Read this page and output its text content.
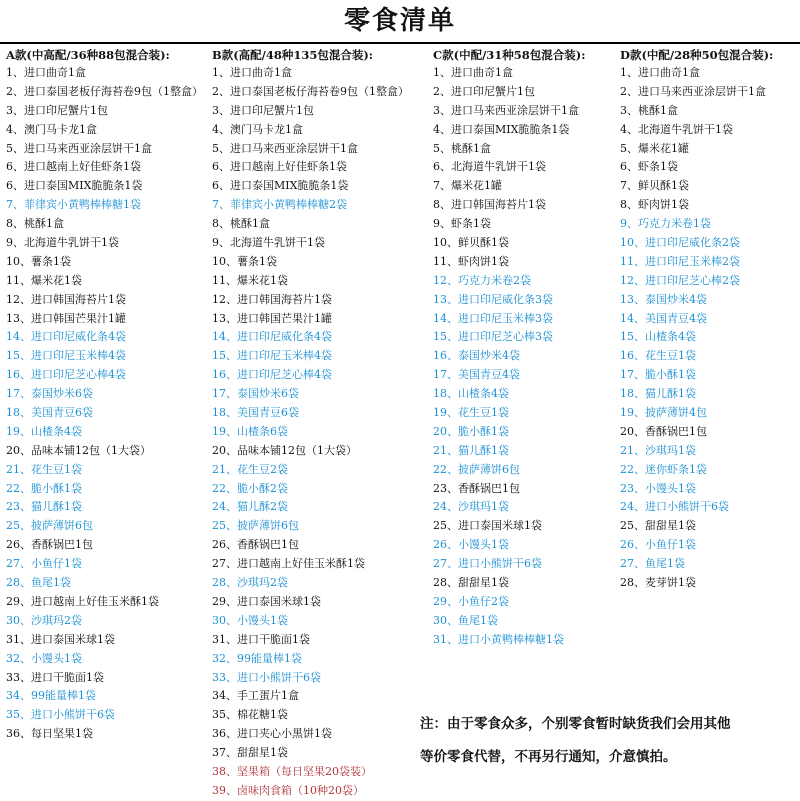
零食清单
A款(中高配/36种88包混合装):
1、进口曲奇1盒
2、进口泰国老板仔海苔卷9包（1整盒）
3、进口印尼蟹片1包
4、澳门马卡龙1盒
5、进口马来西亚涂层饼干1盒
6、进口越南上好佳虾条1袋
6、进口泰国MIX脆脆条1袋
7、菲律宾小黄鸭棒棒糖1袋
8、桃酥1盒
9、北海道牛乳饼干1袋
10、薯条1袋
11、爆米花1袋
12、进口韩国海苔片1袋
13、进口韩国芒果汁1罐
14、进口印尼威化条4袋
15、进口印尼玉米棒4袋
16、进口印尼芝心棒4袋
17、泰国炒米6袋
18、美国青豆6袋
19、山楂条4袋
20、品味本铺12包（1大袋）
21、花生豆1袋
22、脆小酥1袋
23、猫儿酥1袋
25、披萨薄饼6包
26、香酥锅巴1包
27、小鱼仔1袋
28、鱼尾1袋
29、进口越南上好佳玉米酥1袋
30、沙琪玛2袋
31、进口泰国米球1袋
32、小馒头1袋
33、进口干脆面1袋
34、99能量棒1袋
35、进口小熊饼干6袋
36、每日坚果1袋
B款(高配/48种135包混合装):
1、进口曲奇1盒
2、进口泰国老板仔海苔卷9包（1整盒）
3、进口印尼蟹片1包
4、澳门马卡龙1盒
5、进口马来西亚涂层饼干1盒
6、进口越南上好佳虾条1袋
6、进口泰国MIX脆脆条1袋
7、菲律宾小黄鸭棒棒糖2袋
8、桃酥1盒
9、北海道牛乳饼干1袋
10、薯条1袋
11、爆米花1袋
12、进口韩国海苔片1袋
13、进口韩国芒果汁1罐
14、进口印尼威化条4袋
15、进口印尼玉米棒4袋
16、进口印尼芝心棒4袋
17、泰国炒米6袋
18、美国青豆6袋
19、山楂条6袋
20、品味本铺12包（1大袋）
21、花生豆2袋
22、脆小酥2袋
24、猫儿酥2袋
25、披萨薄饼6包
26、香酥锅巴1包
27、进口越南上好佳玉米酥1袋
28、沙琪玛2袋
29、进口泰国米球1袋
30、小馒头1袋
31、进口干脆面1袋
32、99能量棒1袋
33、进口小熊饼干6袋
34、手工蛋片1盒
35、棉花糖1袋
36、进口夹心小黑饼1袋
37、甜甜星1袋
38、坚果箱（每日坚果20袋装）
39、卤味肉食箱（10种20袋）
C款(中配/31种58包混合装):
1、进口曲奇1盒
2、进口印尼蟹片1包
3、进口马来西亚涂层饼干1盒
4、进口泰国MIX脆脆条1袋
5、桃酥1盒
6、北海道牛乳饼干1袋
7、爆米花1罐
8、进口韩国海苔片1袋
9、虾条1袋
10、鲜贝酥1袋
11、虾肉饼1袋
12、巧克力米卷2袋
13、进口印尼威化条3袋
14、进口印尼玉米棒3袋
15、进口印尼芝心棒3袋
16、泰国炒米4袋
17、美国青豆4袋
18、山楂条4袋
19、花生豆1袋
20、脆小酥1袋
21、猫儿酥1袋
22、披萨薄饼6包
23、香酥锅巴1包
24、沙琪玛1袋
25、进口泰国米球1袋
26、小馒头1袋
27、进口小熊饼干6袋
28、甜甜星1袋
29、小鱼仔2袋
30、鱼尾1袋
31、进口小黄鸭棒棒糖1袋
D款(中配/28种50包混合装):
1、进口曲奇1盒
2、进口马来西亚涂层饼干1盒
3、桃酥1盒
4、北海道牛乳饼干1袋
5、爆米花1罐
6、虾条1袋
7、鲜贝酥1袋
8、虾肉饼1袋
9、巧克力米卷1袋
10、进口印尼威化条2袋
11、进口印尼玉米棒2袋
12、进口印尼芝心棒2袋
13、泰国炒米4袋
14、美国青豆4袋
15、山楂条4袋
16、花生豆1袋
17、脆小酥1袋
18、猫儿酥1袋
19、披萨薄饼4包
20、香酥锅巴1包
21、沙琪玛1袋
22、迷你虾条1袋
23、小馒头1袋
24、进口小熊饼干6袋
25、甜甜星1袋
26、小鱼仔1袋
27、鱼尾1袋
28、麦芽饼1袋

注：由于零食众多，个别零食暂时缺货我们会用其他

等价零食代替，不再另行通知，介意慎拍。
